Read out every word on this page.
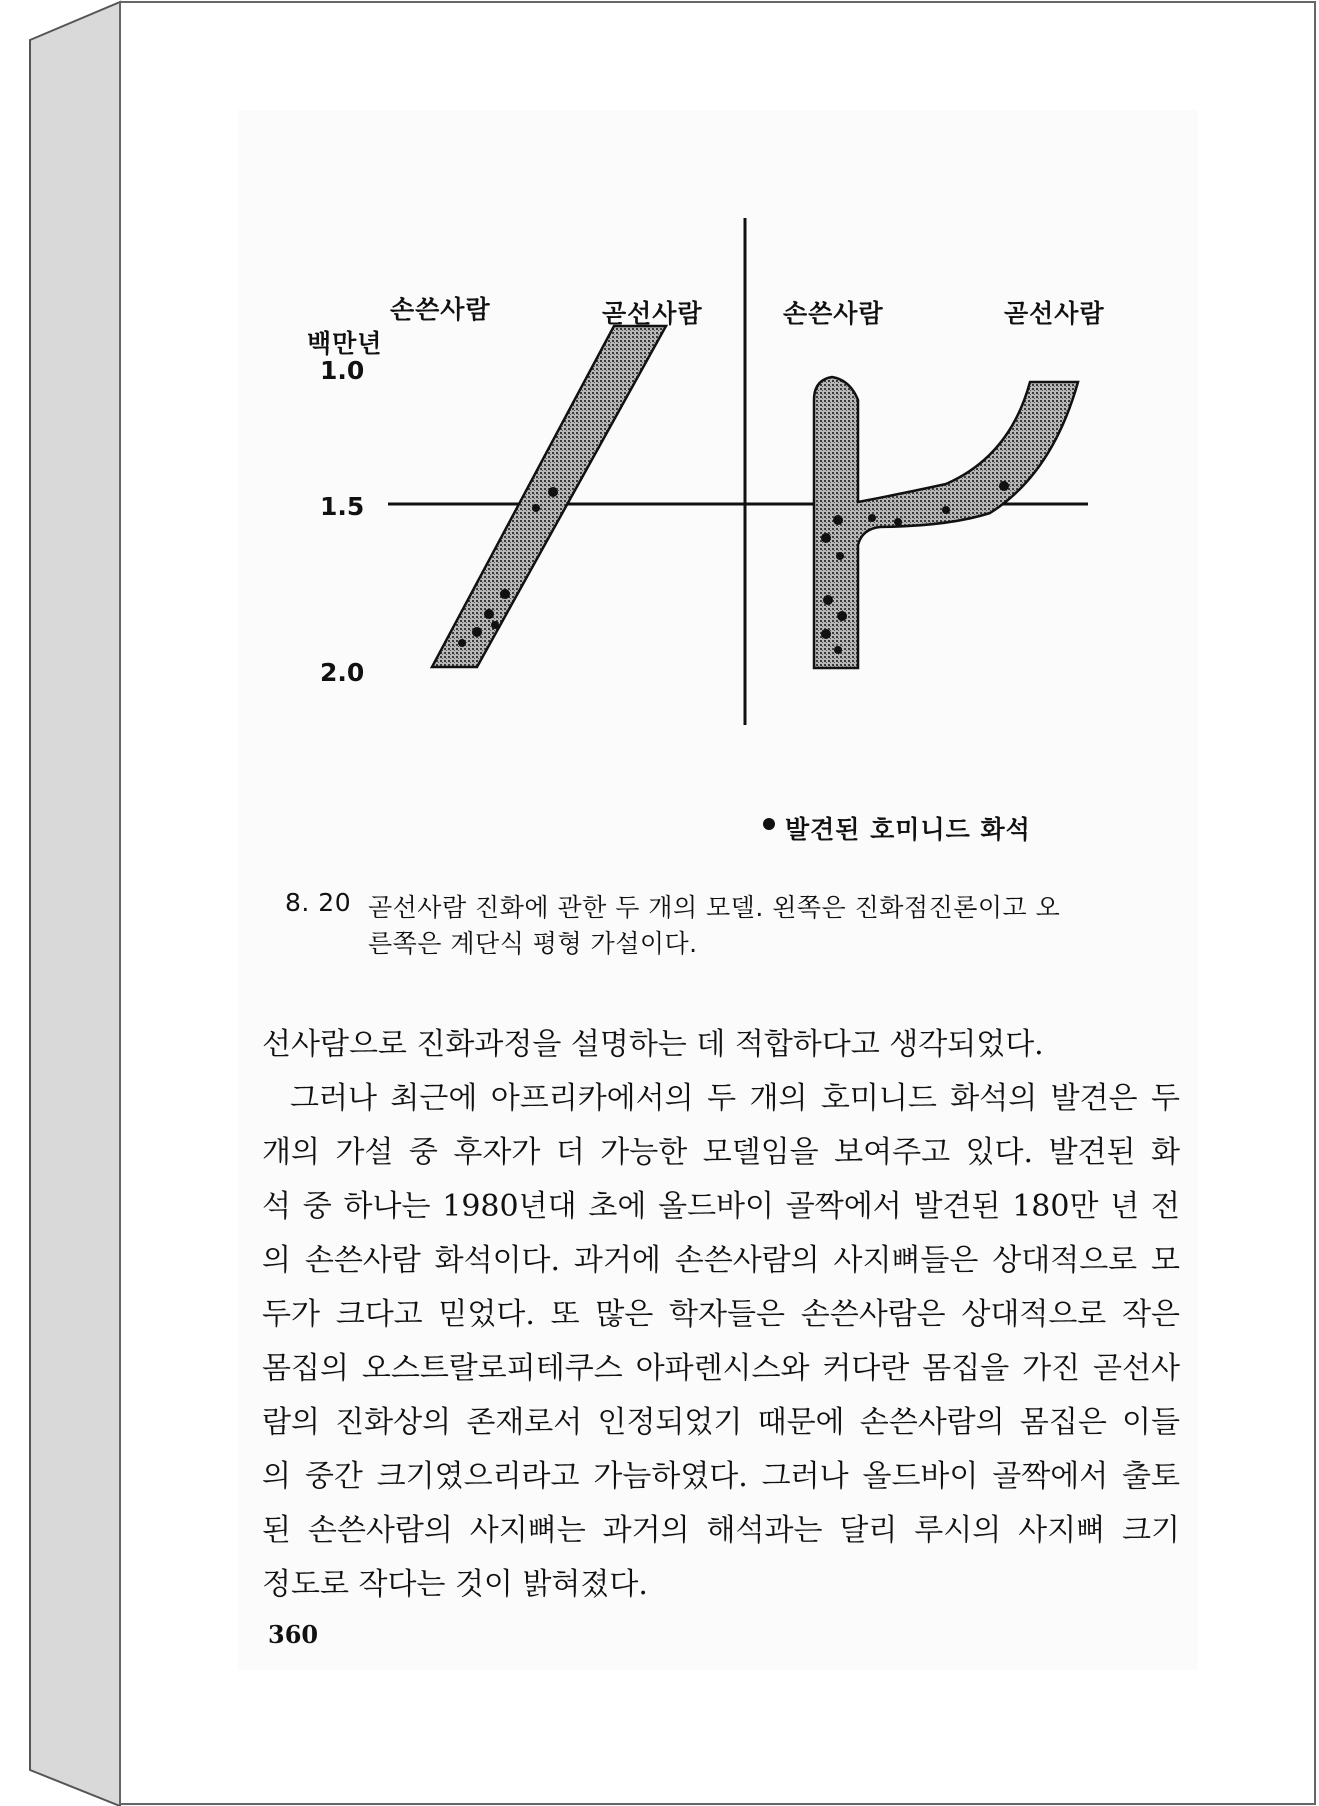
손쓴사람	곧선사람	손쓴사람	곧선사람
백만년
1.0
1.5
2.0
발견된 호미니드 화석
8. 20 곧선사람 진화에 관한 두 개의 모델. 왼쪽은 진화점진론이고 오
른쪽은 계단식 평형 가설이다.
선사람으로 진화과정을 설명하는 데 적합하다고 생각되었다.
그러나 최근에 아프리카에서의 두 개의 호미니드 화석의 발견은 두
개의 가설 중 후자가 더 가능한 모델임을 보여주고 있다. 발견된 화
석 중 하나는 1980년대 초에 올드바이 골짝에서 발견된 180만 년 전
의 손쓴사람 화석이다. 과거에 손쓴사람의 사지뼈들은 상대적으로 모
두가 크다고 믿었다. 또 많은 학자들은 손쓴사람은 상대적으로 작은
몸집의 오스트랄로피테쿠스 아파렌시스와 커다란 몸집을 가진 곧선사
람의 진화상의 존재로서 인정되었기 때문에 손쓴사람의 몸집은 이들
의 중간 크기였으리라고 가늠하였다. 그러나 올드바이 골짝에서 출토
된 손쓴사람의 사지뼈는 과거의 해석과는 달리 루시의 사지뼈 크기
정도로 작다는 것이 밝혀졌다.
360
